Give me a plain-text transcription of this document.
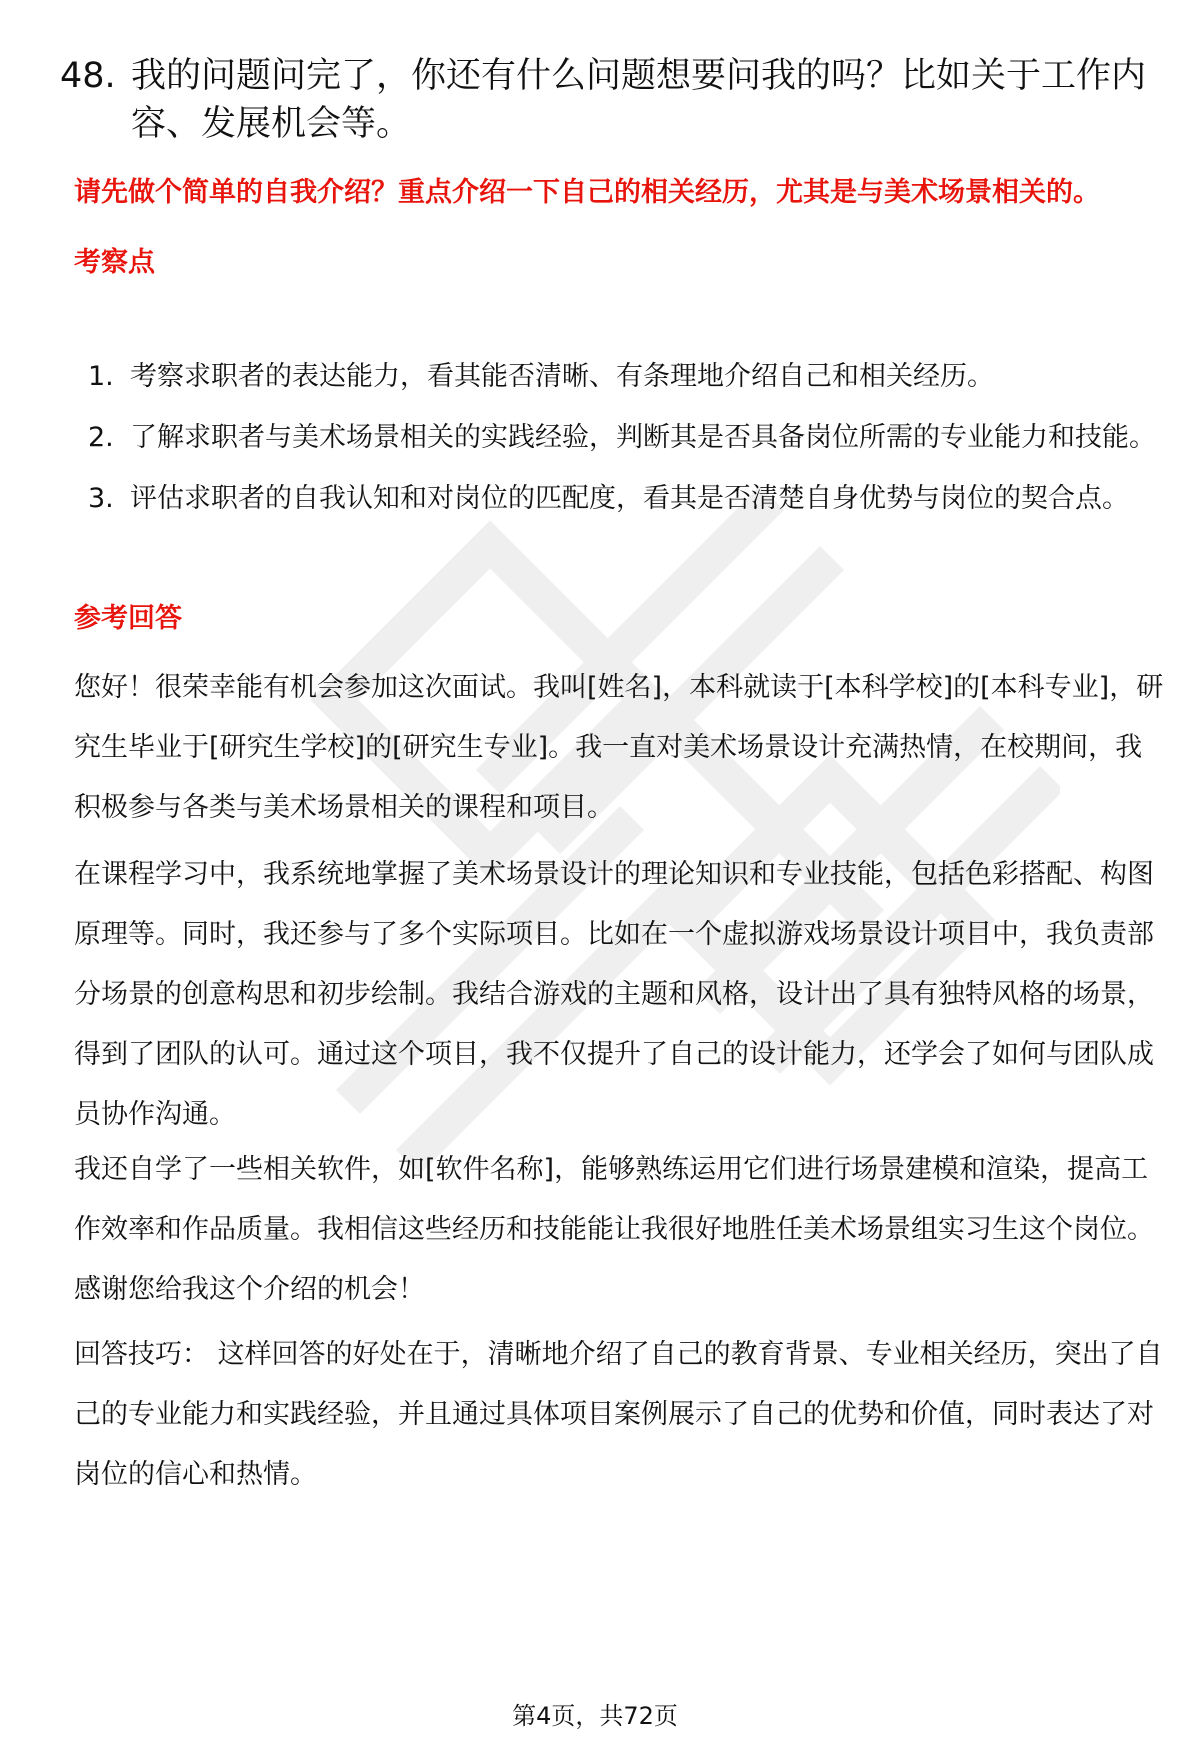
48. 我的问题问完了，你还有什么问题想要问我的吗？比如关于工作内容、发展机会等。
请先做个简单的自我介绍？重点介绍一下自己的相关经历，尤其是与美术场景相关的。
考察点
1. 考察求职者的表达能力，看其能否清晰、有条理地介绍自己和相关经历。
2. 了解求职者与美术场景相关的实践经验，判断其是否具备岗位所需的专业能力和技能。
3. 评估求职者的自我认知和对岗位的匹配度，看其是否清楚自身优势与岗位的契合点。
参考回答

您好！很荣幸能有机会参加这次面试。我叫[姓名]，本科就读于[本科学校]的[本科专业]，研究生毕业于[研究生学校]的[研究生专业]。我一直对美术场景设计充满热情，在校期间，我积极参与各类与美术场景相关的课程和项目。

在课程学习中，我系统地掌握了美术场景设计的理论知识和专业技能，包括色彩搭配、构图原理等。同时，我还参与了多个实际项目。比如在一个虚拟游戏场景设计项目中，我负责部分场景的创意构思和初步绘制。我结合游戏的主题和风格，设计出了具有独特风格的场景，得到了团队的认可。通过这个项目，我不仅提升了自己的设计能力，还学会了如何与团队成员协作沟通。

我还自学了一些相关软件，如[软件名称]，能够熟练运用它们进行场景建模和渲染，提高工作效率和作品质量。我相信这些经历和技能能让我很好地胜任美术场景组实习生这个岗位。感谢您给我这个介绍的机会！

回答技巧： 这样回答的好处在于，清晰地介绍了自己的教育背景、专业相关经历，突出了自己的专业能力和实践经验，并且通过具体项目案例展示了自己的优势和价值，同时表达了对岗位的信心和热情。

第4页，共72页
